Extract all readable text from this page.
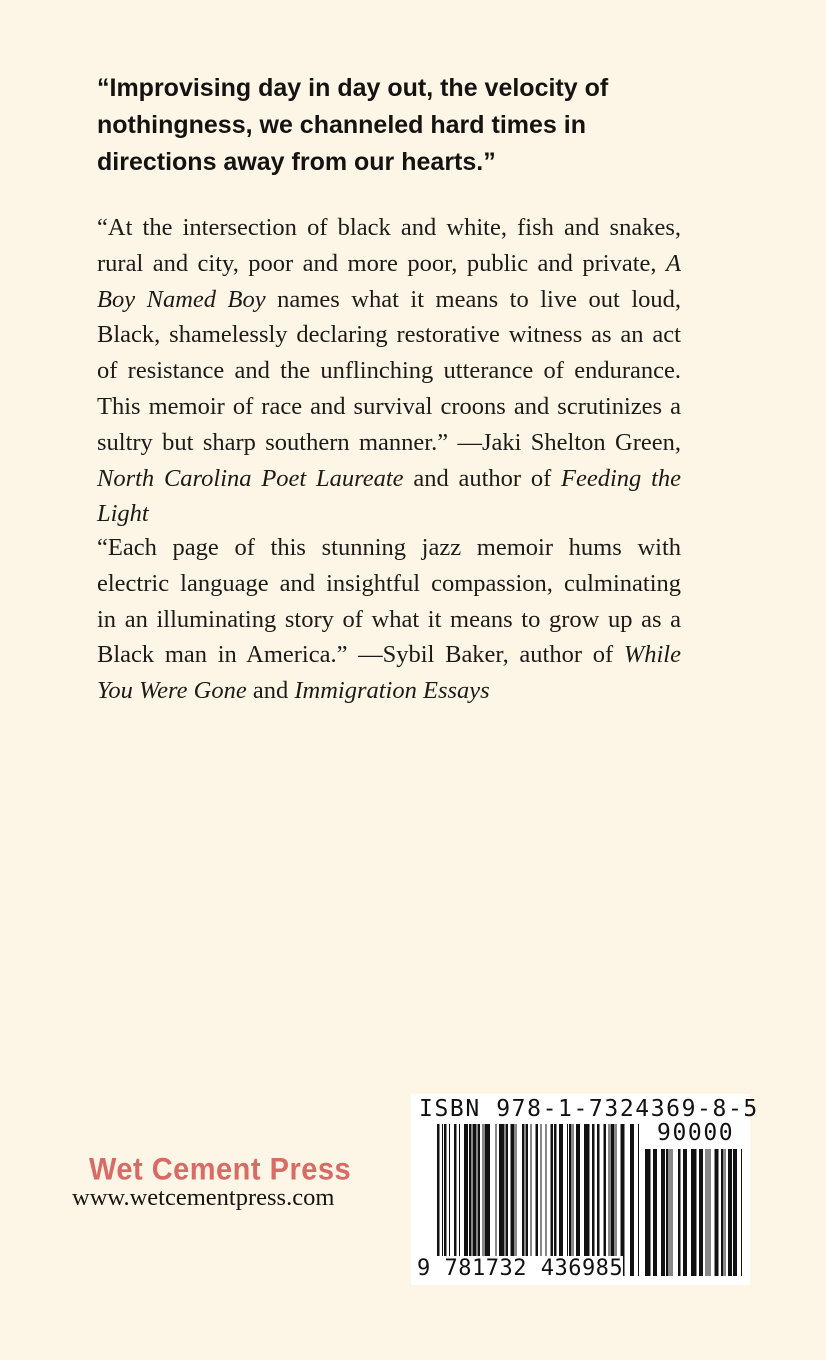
“Improvising day in day out, the velocity of nothingness, we channeled hard times in directions away from our hearts.”
“At the intersection of black and white, fish and snakes, rural and city, poor and more poor, public and private, A Boy Named Boy names what it means to live out loud, Black, shamelessly declaring restorative witness as an act of resistance and the unflinching utterance of endurance. This memoir of race and survival croons and scrutinizes a sultry but sharp southern manner.” —Jaki Shelton Green, North Carolina Poet Laureate and author of Feeding the Light
“Each page of this stunning jazz memoir hums with electric language and insightful compassion, culminating in an illuminating story of what it means to grow up as a Black man in America.” —Sybil Baker, author of While You Were Gone and Immigration Essays
Wet Cement Press
www.wetcementpress.com
ISBN 978-1-7324369-8-5
90000
9 781732 436985
